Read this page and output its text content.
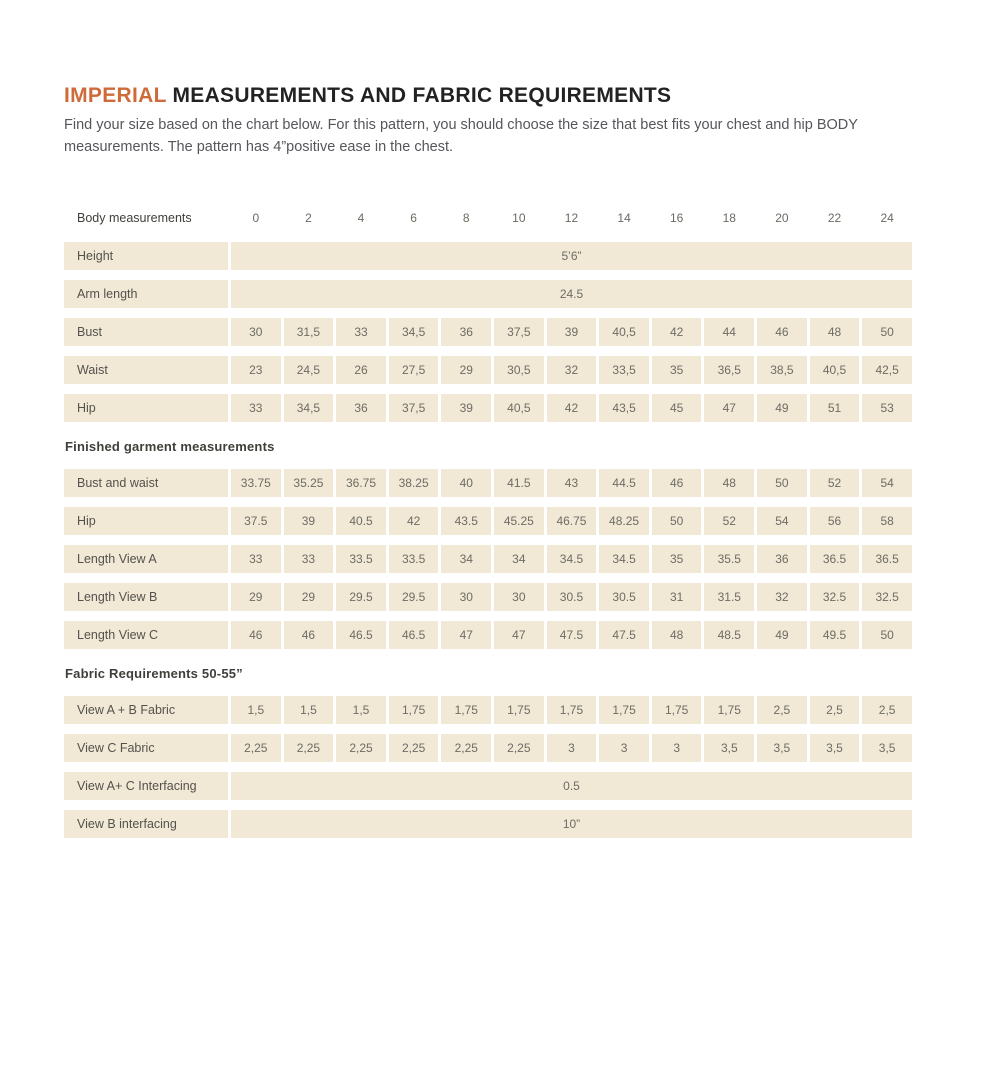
IMPERIAL MEASUREMENTS AND FABRIC REQUIREMENTS

Find your size based on the chart below. For this pattern, you should choose the size that best fits your chest and hip BODY
measurements. The pattern has 4”positive ease in the chest.

Body measurements	0	2	4	6	8	10	12	14	16	18	20	22	24
Height	5’6”
Arm length	24.5
Bust	30	31,5	33	34,5	36	37,5	39	40,5	42	44	46	48	50
Waist	23	24,5	26	27,5	29	30,5	32	33,5	35	36,5	38,5	40,5	42,5
Hip	33	34,5	36	37,5	39	40,5	42	43,5	45	47	49	51	53
Finished garment measurements
Bust and waist	33.75	35.25	36.75	38.25	40	41.5	43	44.5	46	48	50	52	54
Hip	37.5	39	40.5	42	43.5	45.25	46.75	48.25	50	52	54	56	58
Length View A	33	33	33.5	33.5	34	34	34.5	34.5	35	35.5	36	36.5	36.5
Length View B	29	29	29.5	29.5	30	30	30.5	30.5	31	31.5	32	32.5	32.5
Length View C	46	46	46.5	46.5	47	47	47.5	47.5	48	48.5	49	49.5	50
Fabric Requirements 50-55”
View A + B Fabric	1,5	1,5	1,5	1,75	1,75	1,75	1,75	1,75	1,75	1,75	2,5	2,5	2,5
View C Fabric	2,25	2,25	2,25	2,25	2,25	2,25	3	3	3	3,5	3,5	3,5	3,5
View A+ C Interfacing	0.5
View B interfacing	10”
